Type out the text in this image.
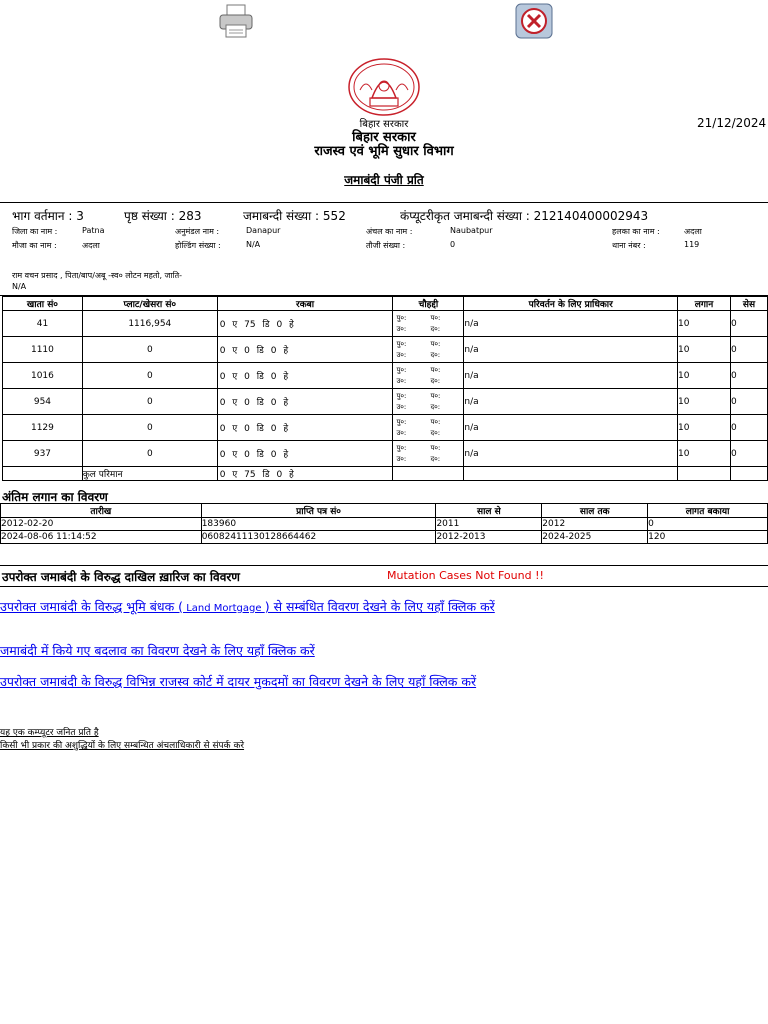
बिहार सरकार
बिहार सरकार
राजस्व एवं भूमि सुधार विभाग
21/12/2024
जमाबंदी पंजी प्रति
भाग वर्तमान : 3	पृष्ठ संख्या : 283	जमाबन्दी संख्या : 552	कंप्यूटरीकृत जमाबन्दी संख्या : 212140400002943
जिला का नाम :	Patna	अनुमंडल नाम :	Danapur	अंचल का नाम :	Naubatpur	हलका का नाम :	अदला
मौजा का नाम :	अदला	होल्डिंग संख्या :	N/A	तौजी संख्या :	0	थाना नंबर :	119
राम वचन प्रसाद , पिता/बाप/अबू -स्व० लोटन महतो, जाति-
N/A
खाता सं०	प्लाट/खेसरा सं०	रकबा	चौहद्दी	परिवर्तन के लिए प्राधिकार	लगान	सेस
41	1116,954	0 ए 75 डि 0 हे	पु०: प०:
उ०: द०:	n/a	10	0
1110	0	0 ए 0 डि 0 हे	पु०: प०:
उ०: द०:	n/a	10	0
1016	0	0 ए 0 डि 0 हे	पु०: प०:
उ०: द०:	n/a	10	0
954	0	0 ए 0 डि 0 हे	पु०: प०:
उ०: द०:	n/a	10	0
1129	0	0 ए 0 डि 0 हे	पु०: प०:
उ०: द०:	n/a	10	0
937	0	0 ए 0 डि 0 हे	पु०: प०:
उ०: द०:	n/a	10	0
	कुल परिमान	0 ए 75 डि 0 हे				
अंतिम लगान का विवरण
तारीख	प्राप्ति पत्र सं०	साल से	साल तक	लागत बकाया
2012-02-20	183960	2011	2012	0
2024-08-06 11:14:52	06082411130128664462	2012-2013	2024-2025	120
उपरोक्त जमाबंदी के विरुद्ध दाखिल ख़ारिज का विवरण	Mutation Cases Not Found !!
उपरोक्त जमाबंदी के विरुद्ध भूमि बंधक ( Land Mortgage ) से सम्बंधित विवरण देखने के लिए यहाँ क्लिक करें
जमाबंदी में किये गए बदलाव का विवरण देखने के लिए यहाँ क्लिक करें
उपरोक्त जमाबंदी के विरुद्ध विभिन्न राजस्व कोर्ट में दायर मुकदमों का विवरण देखने के लिए यहाँ क्लिक करें
यह एक कम्प्यूटर जनित प्रति है
किसी भी प्रकार की अशुद्धियों के लिए सम्बन्धित अंचलाधिकारी से संपर्क करे
